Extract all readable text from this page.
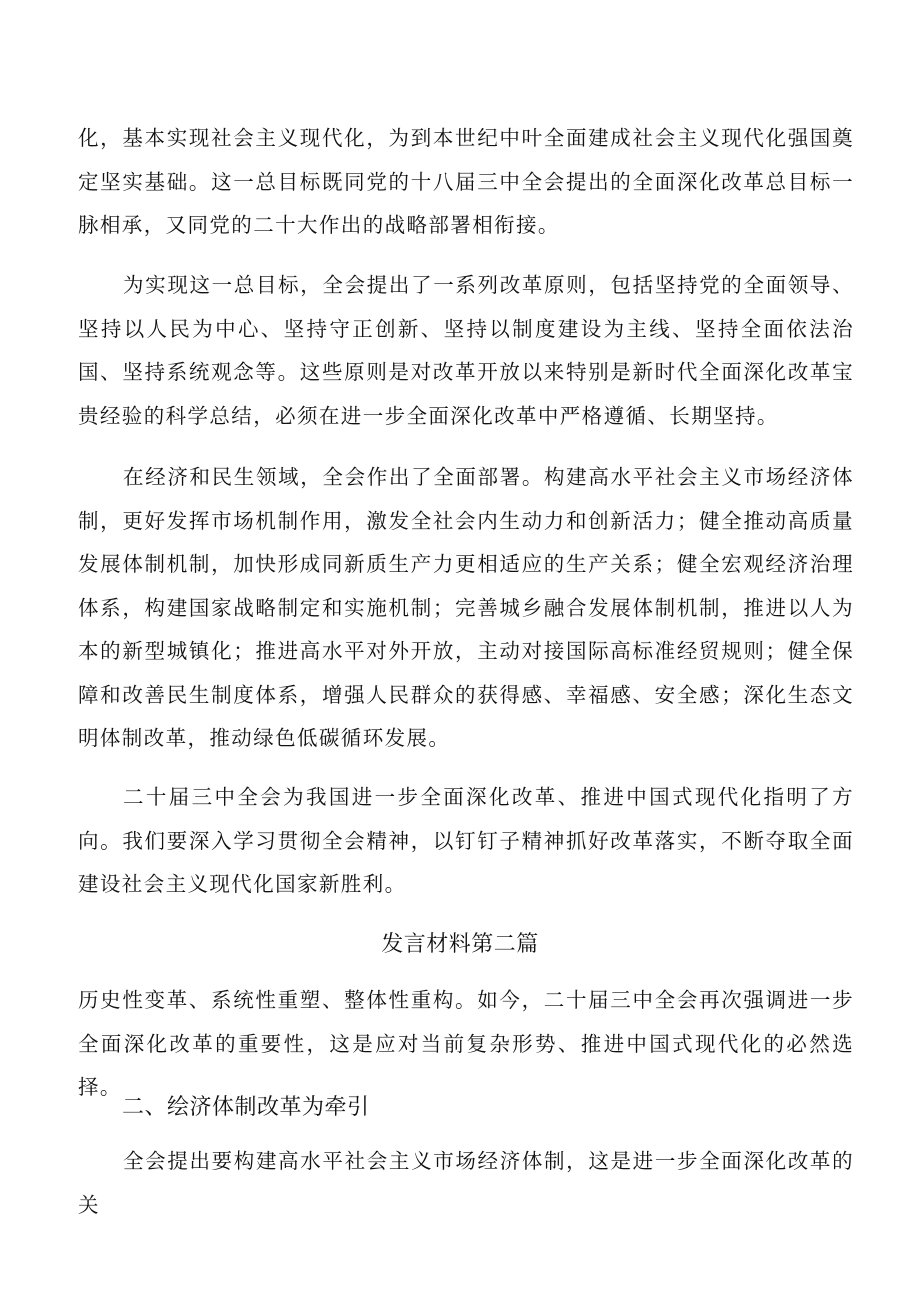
化，基本实现社会主义现代化，为到本世纪中叶全面建成社会主义现代化强国奠定坚实基础。这一总目标既同党的十八届三中全会提出的全面深化改革总目标一脉相承，又同党的二十大作出的战略部署相衔接。

为实现这一总目标，全会提出了一系列改革原则，包括坚持党的全面领导、坚持以人民为中心、坚持守正创新、坚持以制度建设为主线、坚持全面依法治国、坚持系统观念等。这些原则是对改革开放以来特别是新时代全面深化改革宝贵经验的科学总结，必须在进一步全面深化改革中严格遵循、长期坚持。

在经济和民生领域，全会作出了全面部署。构建高水平社会主义市场经济体制，更好发挥市场机制作用，激发全社会内生动力和创新活力；健全推动高质量发展体制机制，加快形成同新质生产力更相适应的生产关系；健全宏观经济治理体系，构建国家战略制定和实施机制；完善城乡融合发展体制机制，推进以人为本的新型城镇化；推进高水平对外开放，主动对接国际高标准经贸规则；健全保障和改善民生制度体系，增强人民群众的获得感、幸福感、安全感；深化生态文明体制改革，推动绿色低碳循环发展。

二十届三中全会为我国进一步全面深化改革、推进中国式现代化指明了方向。我们要深入学习贯彻全会精神，以钉钉子精神抓好改革落实，不断夺取全面建设社会主义现代化国家新胜利。

发言材料第二篇

历史性变革、系统性重塑、整体性重构。如今，二十届三中全会再次强调进一步全面深化改革的重要性，这是应对当前复杂形势、推进中国式现代化的必然选择。

二、绘济体制改革为牵引

全会提出要构建高水平社会主义市场经济体制，这是进一步全面深化改革的关
